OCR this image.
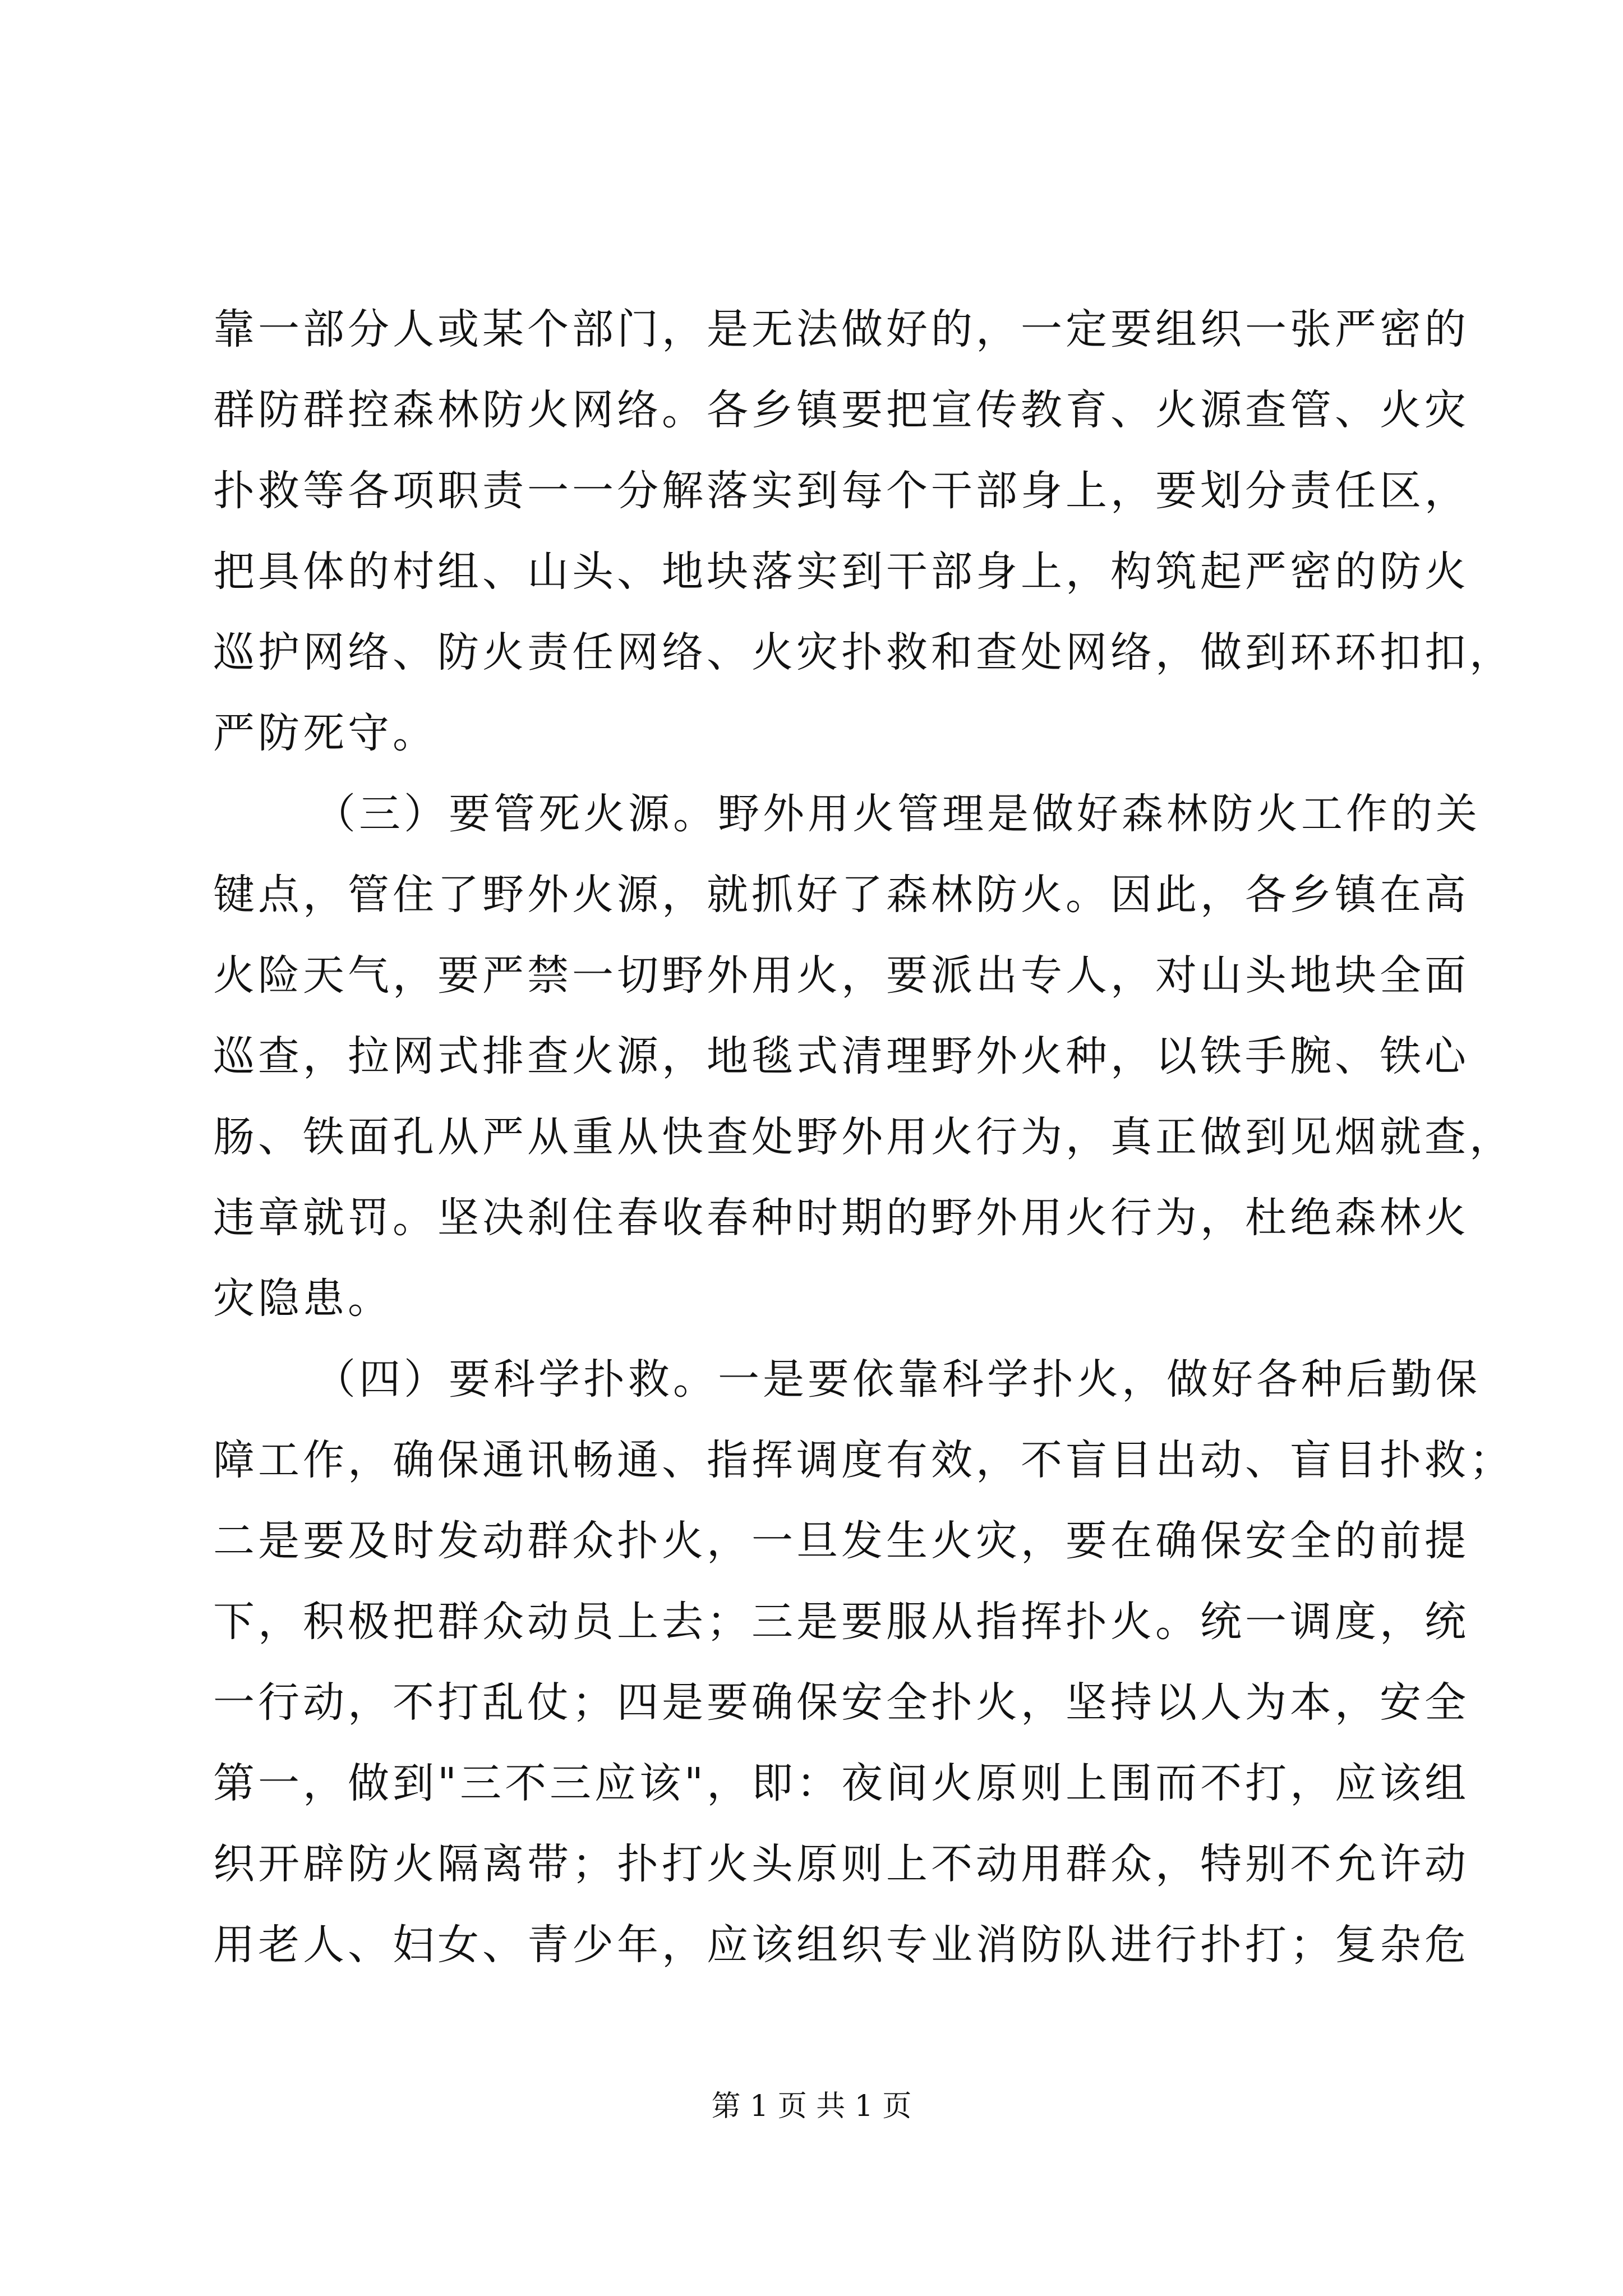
靠一部分人或某个部门，是无法做好的，一定要组织一张严密的
群防群控森林防火网络。各乡镇要把宣传教育、火源查管、火灾
扑救等各项职责一一分解落实到每个干部身上，要划分责任区，
把具体的村组、山头、地块落实到干部身上，构筑起严密的防火
巡护网络、防火责任网络、火灾扑救和查处网络，做到环环扣扣，
严防死守。
（三）要管死火源。野外用火管理是做好森林防火工作的关
键点，管住了野外火源，就抓好了森林防火。因此，各乡镇在高
火险天气，要严禁一切野外用火，要派出专人，对山头地块全面
巡查，拉网式排查火源，地毯式清理野外火种，以铁手腕、铁心
肠、铁面孔从严从重从快查处野外用火行为，真正做到见烟就查，
违章就罚。坚决刹住春收春种时期的野外用火行为，杜绝森林火
灾隐患。
（四）要科学扑救。一是要依靠科学扑火，做好各种后勤保
障工作，确保通讯畅通、指挥调度有效，不盲目出动、盲目扑救；
二是要及时发动群众扑火，一旦发生火灾，要在确保安全的前提
下，积极把群众动员上去；三是要服从指挥扑火。统一调度，统
一行动，不打乱仗；四是要确保安全扑火，坚持以人为本，安全
第一，做到"三不三应该"，即：夜间火原则上围而不打，应该组
织开辟防火隔离带；扑打火头原则上不动用群众，特别不允许动
用老人、妇女、青少年，应该组织专业消防队进行扑打；复杂危
第 1 页 共 1 页
